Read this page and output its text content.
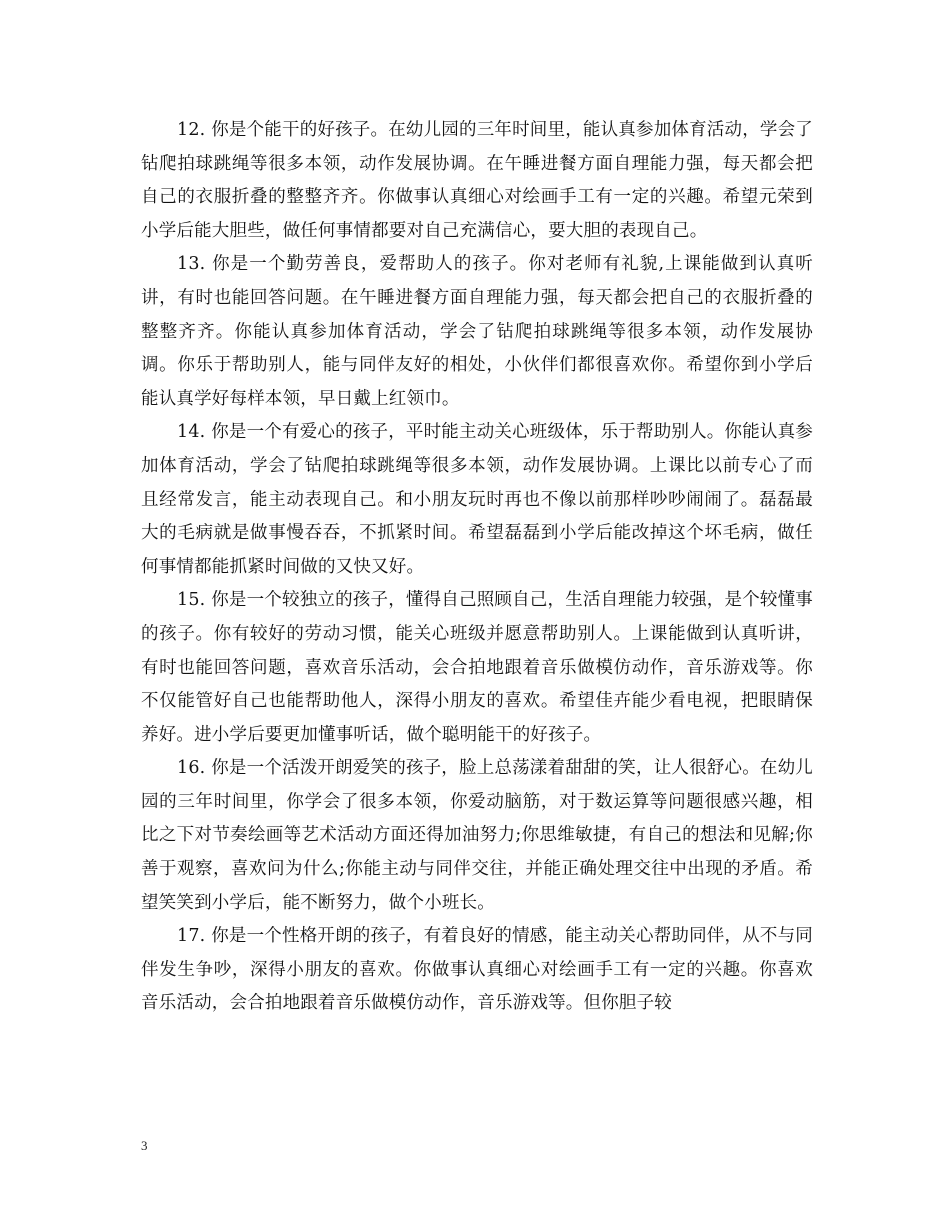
12. 你是个能干的好孩子。在幼儿园的三年时间里，能认真参加体育活动，学会了钻爬拍球跳绳等很多本领，动作发展协调。在午睡进餐方面自理能力强，每天都会把自己的衣服折叠的整整齐齐。你做事认真细心对绘画手工有一定的兴趣。希望元荣到小学后能大胆些，做任何事情都要对自己充满信心，要大胆的表现自己。

13. 你是一个勤劳善良，爱帮助人的孩子。你对老师有礼貌,上课能做到认真听讲，有时也能回答问题。在午睡进餐方面自理能力强，每天都会把自己的衣服折叠的整整齐齐。你能认真参加体育活动，学会了钻爬拍球跳绳等很多本领，动作发展协调。你乐于帮助别人，能与同伴友好的相处，小伙伴们都很喜欢你。希望你到小学后能认真学好每样本领，早日戴上红领巾。

14. 你是一个有爱心的孩子，平时能主动关心班级体，乐于帮助别人。你能认真参加体育活动，学会了钻爬拍球跳绳等很多本领，动作发展协调。上课比以前专心了而且经常发言，能主动表现自己。和小朋友玩时再也不像以前那样吵吵闹闹了。磊磊最大的毛病就是做事慢吞吞，不抓紧时间。希望磊磊到小学后能改掉这个坏毛病，做任何事情都能抓紧时间做的又快又好。

15. 你是一个较独立的孩子，懂得自己照顾自己，生活自理能力较强，是个较懂事的孩子。你有较好的劳动习惯，能关心班级并愿意帮助别人。上课能做到认真听讲，有时也能回答问题，喜欢音乐活动，会合拍地跟着音乐做模仿动作，音乐游戏等。你不仅能管好自己也能帮助他人，深得小朋友的喜欢。希望佳卉能少看电视，把眼睛保养好。进小学后要更加懂事听话，做个聪明能干的好孩子。

16. 你是一个活泼开朗爱笑的孩子，脸上总荡漾着甜甜的笑，让人很舒心。在幼儿园的三年时间里，你学会了很多本领，你爱动脑筋，对于数运算等问题很感兴趣，相比之下对节奏绘画等艺术活动方面还得加油努力;你思维敏捷，有自己的想法和见解;你善于观察，喜欢问为什么;你能主动与同伴交往，并能正确处理交往中出现的矛盾。希望笑笑到小学后，能不断努力，做个小班长。

17. 你是一个性格开朗的孩子，有着良好的情感，能主动关心帮助同伴，从不与同伴发生争吵，深得小朋友的喜欢。你做事认真细心对绘画手工有一定的兴趣。你喜欢音乐活动，会合拍地跟着音乐做模仿动作，音乐游戏等。但你胆子较

3
